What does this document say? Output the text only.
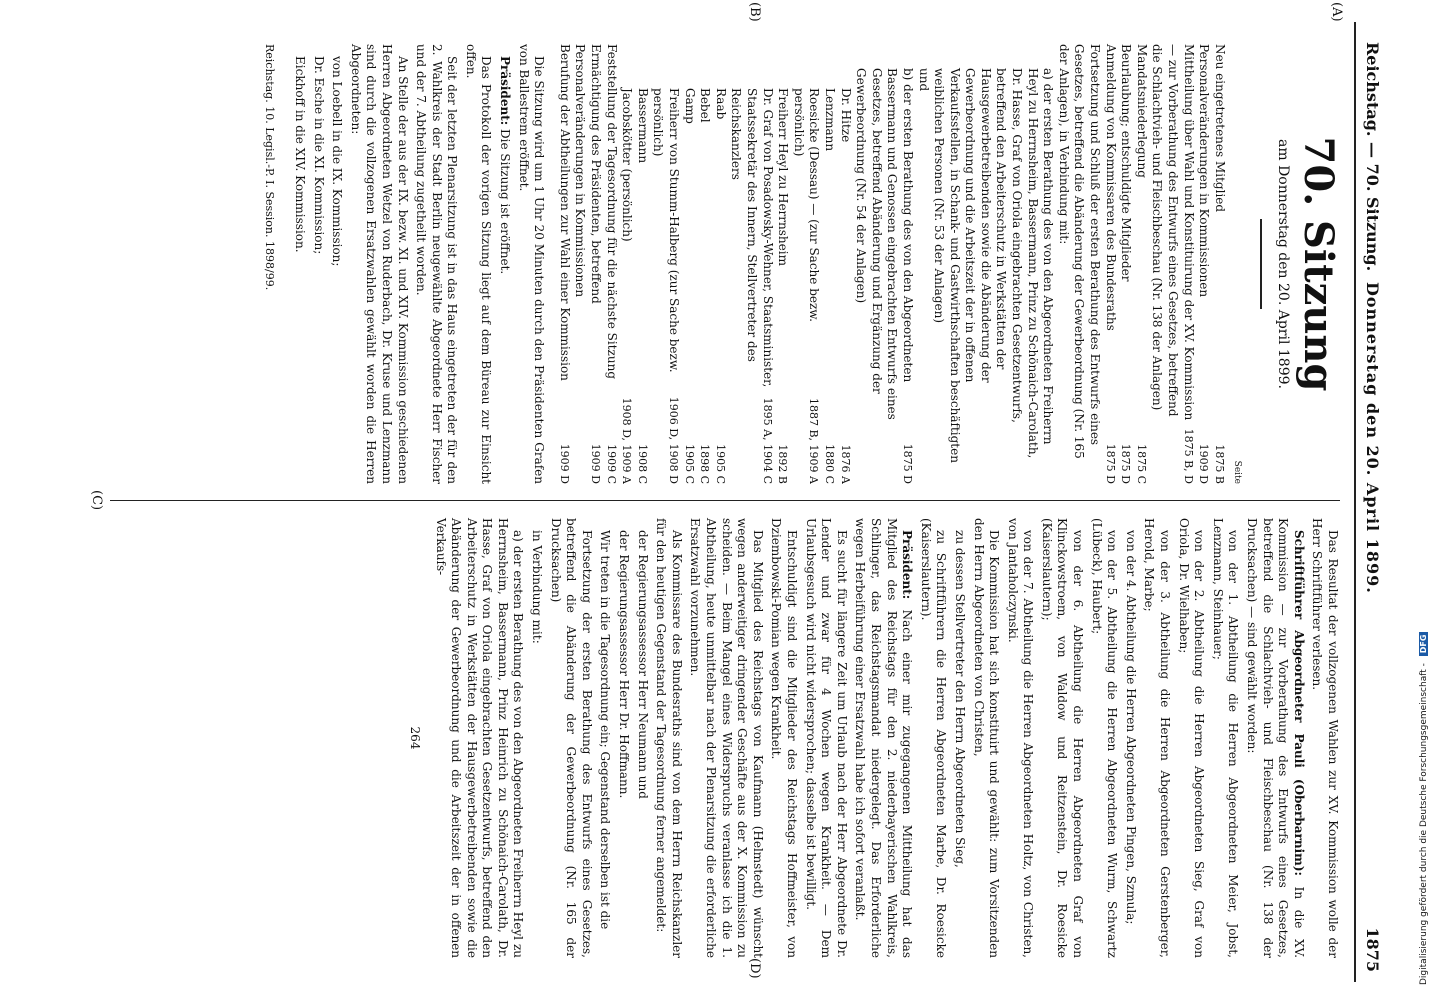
Reichstag. — 70. Sitzung.
Donnerstag den 20. April 1899.
1875
(A)
(B)
(C)
(D)
70. Sitzung
am Donnerstag den 20. April 1899.
Seite
Neu eingetretenes Mitglied
1875 B
Personalveränderungen in Kommissionen
1909 D
Mittheilung über Wahl und Konstituirung der XV. Kommission — zur Vorberathung des Entwurfs eines Gesetzes, betreffend die Schlachtvieh- und Fleischbeschau (Nr. 138 der Anlagen)
1875 B, D
Mandatsniederlegung
1875 C
Beurlaubung; entschuldigte Mitglieder
1875 D
Anmeldung von Kommissaren des Bundesraths
1875 D
Fortsetzung und Schluß der ersten Berathung des Entwurfs eines Gesetzes, betreffend die Abänderung der Gewerbeordnung (Nr. 165 der Anlagen), in Verbindung mit:
a) der ersten Berathung des von den Abgeordneten Freiherrn Heyl zu Herrnsheim, Bassermann, Prinz zu Schönaich-Carolath, Dr. Hasse, Graf von Oriola eingebrachten Gesetzentwurfs, betreffend den Arbeiterschutz in Werkstätten der Hausgewerbetreibenden sowie die Abänderung der Gewerbeordnung und die Arbeitszeit der in offenen Verkaufsstellen, in Schank- und Gastwirthschaften beschäftigten weiblichen Personen (Nr. 53 der Anlagen)
und
b) der ersten Berathung des von den Abgeordneten Bassermann und Genossen eingebrachten Entwurfs eines Gesetzes, betreffend Abänderung und Ergänzung der Gewerbeordnung (Nr. 54 der Anlagen)
1875 D
Dr. Hitze
1876 A
Lenzmann
1880 C
Roesicke (Dessau) — (zur Sache bezw. persönlich)
1887 B, 1909 A
Freiherr Heyl zu Herrnsheim
1892 B
Dr. Graf von Posadowsky-Wehner, Staatsminister, Staatssekretär des Innern, Stellvertreter des Reichskanzlers
1895 A, 1904 C
Raab
1905 C
Bebel
1898 C
Gamp
1905 C
Freiherr von Stumm-Halberg (zur Sache bezw. persönlich)
1906 D, 1908 D
Bassermann
1908 C
Jacobskötter (persönlich)
1908 D, 1909 A
Feststellung der Tagesordnung für die nächste Sitzung
1909 C
Ermächtigung des Präsidenten, betreffend Personalveränderungen in Kommissionen
1909 D
Berufung der Abtheilungen zur Wahl einer Kommission
1909 D

Die Sitzung wird um 1 Uhr 20 Minuten durch den Präsidenten Grafen von Ballestrem eröffnet.

Präsident: Die Sitzung ist eröffnet.

Das Protokoll der vorigen Sitzung liegt auf dem Büreau zur Einsicht offen.

Seit der letzten Plenarsitzung ist in das Haus eingetreten der für den 2. Wahlkreis der Stadt Berlin neugewählte Abgeordnete Herr Fischer und der 7. Abtheilung zugetheilt worden.

An Stelle der aus der IX. bezw. XI. und XIV. Kommission geschiedenen Herren Abgeordneten Wetzel von Ruderbach, Dr. Kruse und Lenzmann sind durch die vollzogenen Ersatzwahlen gewählt worden die Herren Abgeordneten:

von Loebell in die IX. Kommission;

Dr. Esche in die XI. Kommission;

Eickhoff in die XIV. Kommission.

Reichstag. 10. Legisl.-P. I. Session. 1898/99.

Das Resultat der vollzogenen Wahlen zur XV. Kommission wolle der Herr Schriftführer verlesen.

Schriftführer Abgeordneter Pauli (Oberbarnim): In die XV. Kommission — zur Vorberathung des Entwurfs eines Gesetzes, betreffend die Schlachtvieh- und Fleischbeschau (Nr. 138 der Drucksachen) — sind gewählt worden:

von der 1. Abtheilung die Herren Abgeordneten Meier, Jobst, Lenzmann, Steinhauer;

von der 2. Abtheilung die Herren Abgeordneten Sieg, Graf von Oriola, Dr. Wielhaben;

von der 3. Abtheilung die Herren Abgeordneten Gerstenberger, Herold, Marbe;

von der 4. Abtheilung die Herren Abgeordneten Pingen, Szmula;

von der 5. Abtheilung die Herren Abgeordneten Wurm, Schwartz (Lübeck), Haubert;

von der 6. Abtheilung die Herren Abgeordneten Graf von Klinckowstroem, von Waldow und Reitzenstein, Dr. Roesicke (Kaiserslautern);

von der 7. Abtheilung die Herren Abgeordneten Holtz, von Christen, von Jantaholczynski.

Die Kommission hat sich konstituirt und gewählt: zum Vorsitzenden den Herrn Abgeordneten von Christen,

zu dessen Stellvertreter den Herrn Abgeordneten Sieg,

zu Schriftführern die Herren Abgeordneten Marbe, Dr. Roesicke (Kaiserslautern).

Präsident: Nach einer mir zugegangenen Mittheilung hat das Mitglied des Reichstags für den 2. niederbayerischen Wahlkreis, Schlinger, das Reichstagsmandat niedergelegt. Das Erforderliche wegen Herbeiführung einer Ersatzwahl habe ich sofort veranlaßt.

Es sucht für längere Zeit um Urlaub nach der Herr Abgeordnete Dr. Lender und zwar für 4 Wochen wegen Krankheit. — Dem Urlaubsgesuch wird nicht widersprochen; dasselbe ist bewilligt.

Entschuldigt sind die Mitglieder des Reichstags Hoffmeister, von Dziembowski-Pomian wegen Krankheit.

Das Mitglied des Reichstags von Kaufmann (Helmstedt) wünscht wegen anderweitiger dringender Geschäfte aus der X. Kommission zu scheiden. — Beim Mangel eines Widerspruchs veranlasse ich die 1. Abtheilung, heute unmittelbar nach der Plenarsitzung die erforderliche Ersatzwahl vorzunehmen.

Als Kommissare des Bundesraths sind von dem Herrn Reichskanzler für den heutigen Gegenstand der Tagesordnung ferner angemeldet:

der Regierungsassessor Herr Neumann und

der Regierungsassessor Herr Dr. Hoffmann.

Wir treten in die Tagesordnung ein; Gegenstand derselben ist die

Fortsetzung der ersten Berathung des Entwurfs eines Gesetzes, betreffend die Abänderung der Gewerbeordnung (Nr. 165 der Drucksachen)

in Verbindung mit:

a) der ersten Berathung des von den Abgeordneten Freiherrn Heyl zu Herrnsheim, Bassermann, Prinz Heinrich zu Schönaich-Carolath, Dr. Hasse, Graf von Oriola eingebrachten Gesetzentwurfs, betreffend den Arbeiterschutz in Werkstätten der Hausgewerbetreibenden sowie die Abänderung der Gewerbeordnung und die Arbeitszeit der in offenen Verkaufs-

264	Digitalisierung gefördert durch die Deutsche Forschungsgemeinschaft - DFG
